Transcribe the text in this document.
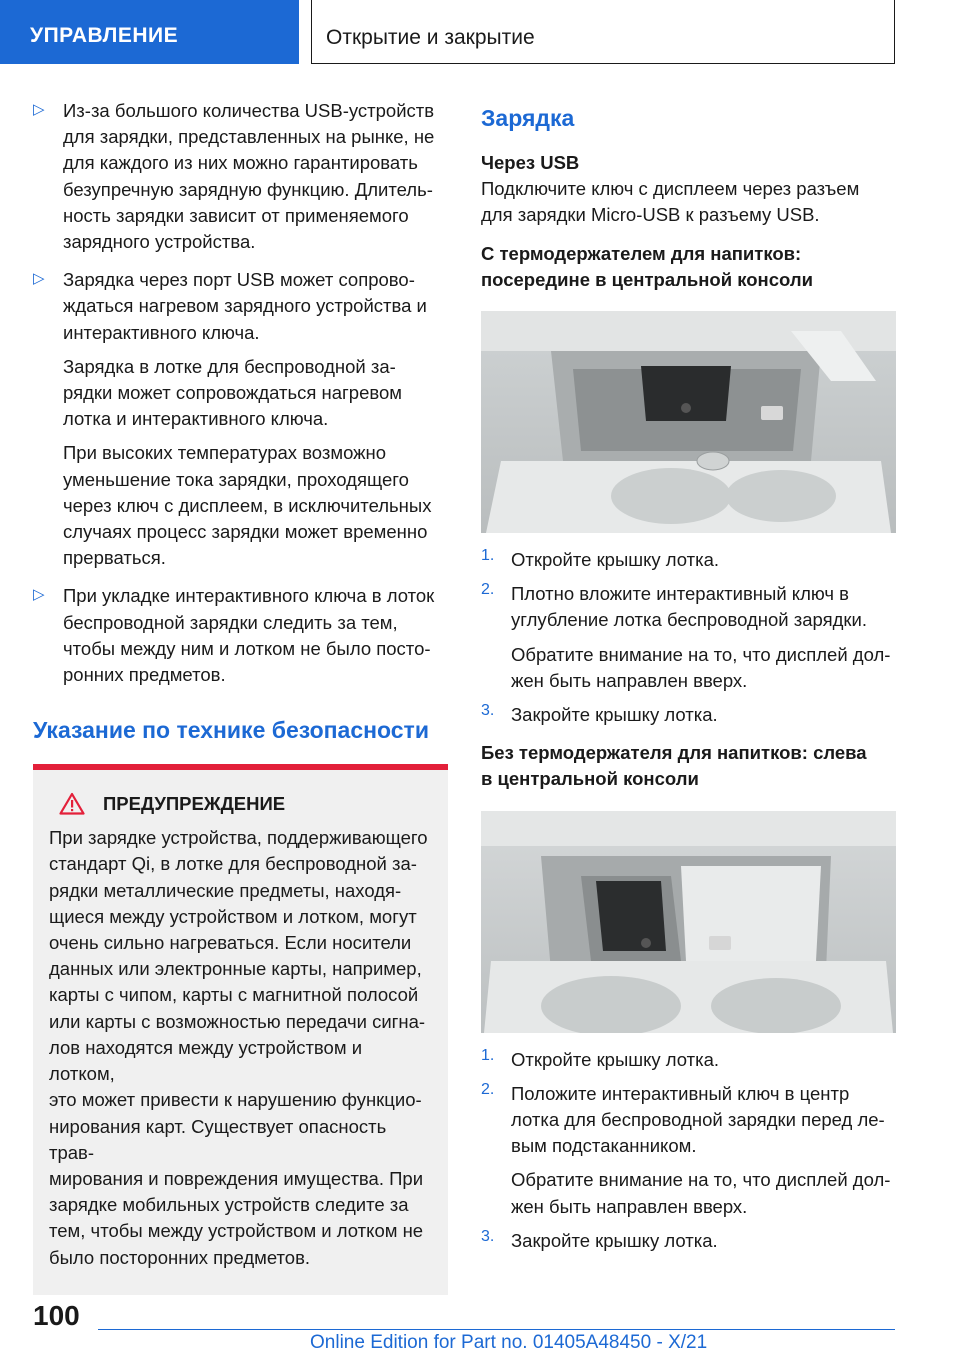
УПРАВЛЕНИЕ	Открытие и закрытие
▷ Из-за большого количества USB-устройств
для зарядки, представленных на рынке, не
для каждого из них можно гарантировать
безупречную зарядную функцию. Длитель-
ность зарядки зависит от применяемого
зарядного устройства.

▷ Зарядка через порт USB может сопрово-
ждаться нагревом зарядного устройства и
интерактивного ключа.

Зарядка в лотке для беспроводной за-
рядки может сопровождаться нагревом
лотка и интерактивного ключа.

При высоких температурах возможно
уменьшение тока зарядки, проходящего
через ключ с дисплеем, в исключительных
случаях процесс зарядки может временно
прерваться.

▷ При укладке интерактивного ключа в лоток
беспроводной зарядки следить за тем,
чтобы между ним и лотком не было посто-
ронних предметов.

Указание по технике безопасности
ПРЕДУПРЕЖДЕНИЕ

При зарядке устройства, поддерживающего
стандарт Qi, в лотке для беспроводной за-
рядки металлические предметы, находя-
щиеся между устройством и лотком, могут
очень сильно нагреваться. Если носители
данных или электронные карты, например,
карты с чипом, карты с магнитной полосой
или карты с возможностью передачи сигна-
лов находятся между устройством и лотком,
это может привести к нарушению функцио-
нирования карт. Существует опасность трав-
мирования и повреждения имущества. При
зарядке мобильных устройств следите за
тем, чтобы между устройством и лотком не
было посторонних предметов.

Зарядка

Через USB

Подключите ключ с дисплеем через разъем
для зарядки Micro-USB к разъему USB.

С термодержателем для напитков:
посередине в центральной консоли

1. Откройте крышку лотка.

2. Плотно вложите интерактивный ключ в
углубление лотка беспроводной зарядки.

Обратите внимание на то, что дисплей дол-
жен быть направлен вверх.

3. Закройте крышку лотка.

Без термодержателя для напитков: слева
в центральной консоли

1. Откройте крышку лотка.

2. Положите интерактивный ключ в центр
лотка для беспроводной зарядки перед ле-
вым подстаканником.

Обратите внимание на то, что дисплей дол-
жен быть направлен вверх.

3. Закройте крышку лотка.

100
Online Edition for Part no. 01405A48450 - X/21
